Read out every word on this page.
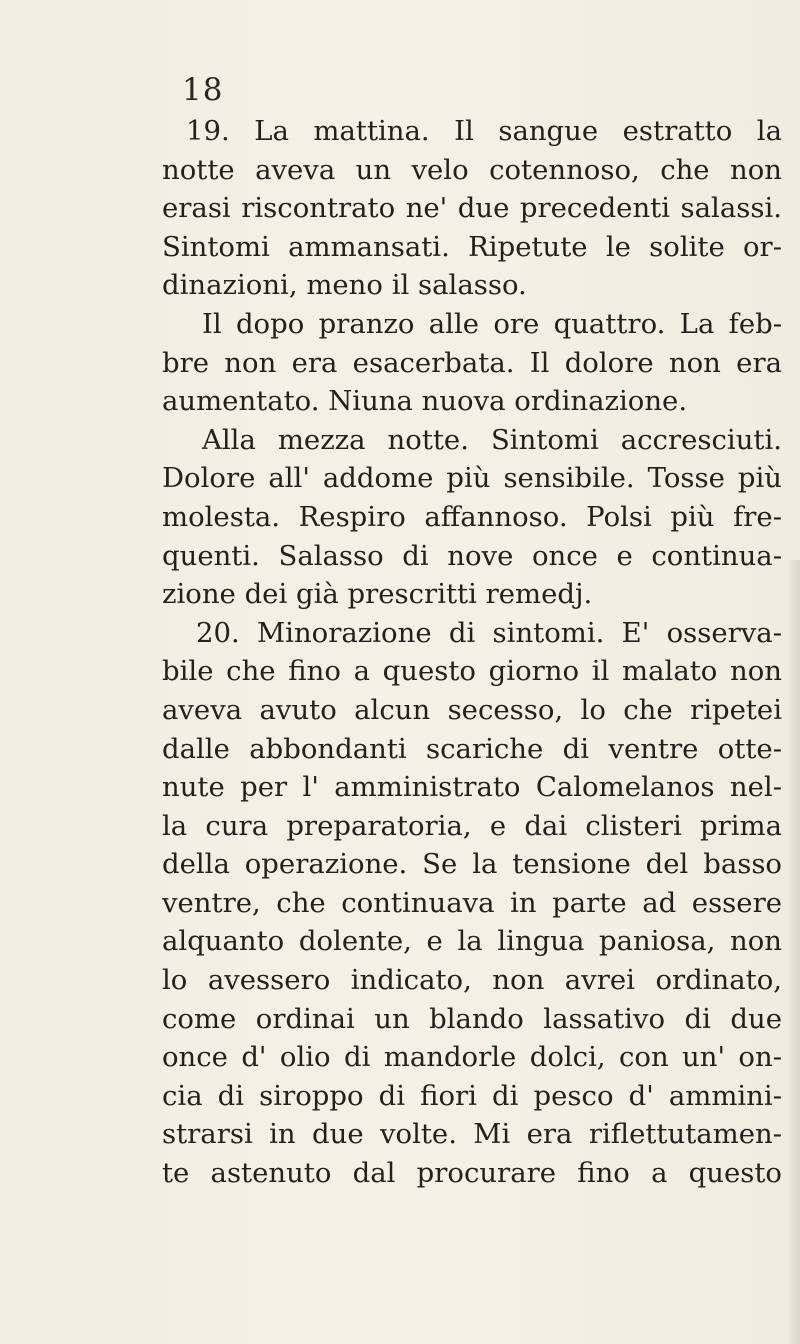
18
19. La mattina. Il sangue estratto la
notte aveva un velo cotennoso, che non
erasi riscontrato ne' due precedenti salassi.
Sintomi ammansati. Ripetute le solite or-
dinazioni, meno il salasso.
Il dopo pranzo alle ore quattro. La feb-
bre non era esacerbata. Il dolore non era
aumentato. Niuna nuova ordinazione.
Alla mezza notte. Sintomi accresciuti.
Dolore all' addome più sensibile. Tosse più
molesta. Respiro affannoso. Polsi più fre-
quenti. Salasso di nove once e continua-
zione dei già prescritti remedj.
20. Minorazione di sintomi. E' osserva-
bile che fino a questo giorno il malato non
aveva avuto alcun secesso, lo che ripetei
dalle abbondanti scariche di ventre otte-
nute per l' amministrato Calomelanos nel-
la cura preparatoria, e dai clisteri prima
della operazione. Se la tensione del basso
ventre, che continuava in parte ad essere
alquanto dolente, e la lingua paniosa, non
lo avessero indicato, non avrei ordinato,
come ordinai un blando lassativo di due
once d' olio di mandorle dolci, con un' on-
cia di siroppo di fiori di pesco d' ammini-
strarsi in due volte. Mi era riflettutamen-
te astenuto dal procurare fino a questo
